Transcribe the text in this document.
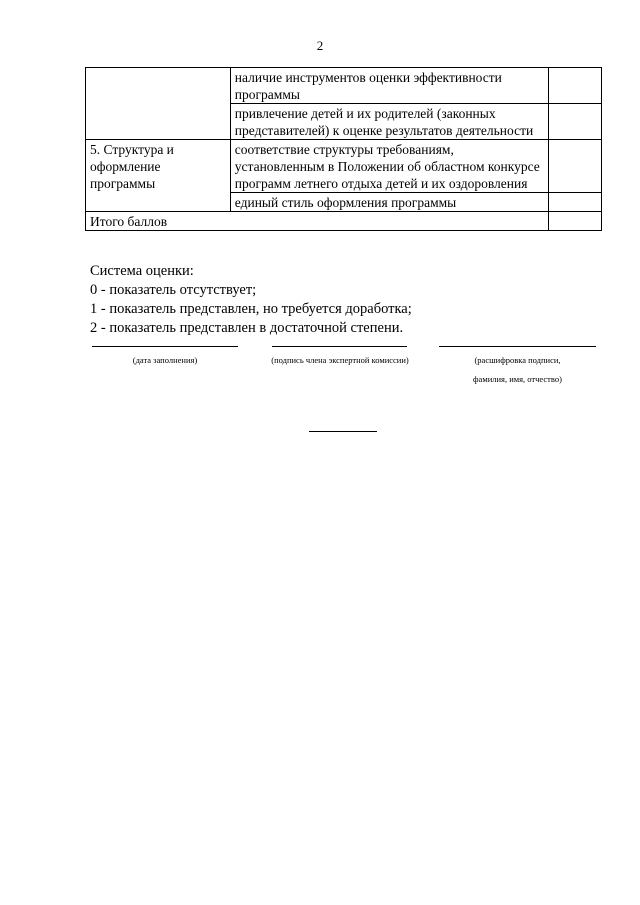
2
	наличие инструментов оценки эффективности программы	
	привлечение детей и их родителей (законных представителей) к оценке результатов деятельности	
5. Структура и оформление программы	соответствие структуры требованиям, установленным в Положении об областном конкурсе программ летнего отдыха детей и их оздоровления	
	единый стиль оформления программы	
Итого баллов		
Система оценки:
0 - показатель отсутствует;
1 - показатель представлен, но требуется доработка;
2 - показатель представлен в достаточной степени.
(дата заполнения)	(подпись члена экспертной комиссии)	(расшифровка подписи,
фамилия, имя, отчество)
